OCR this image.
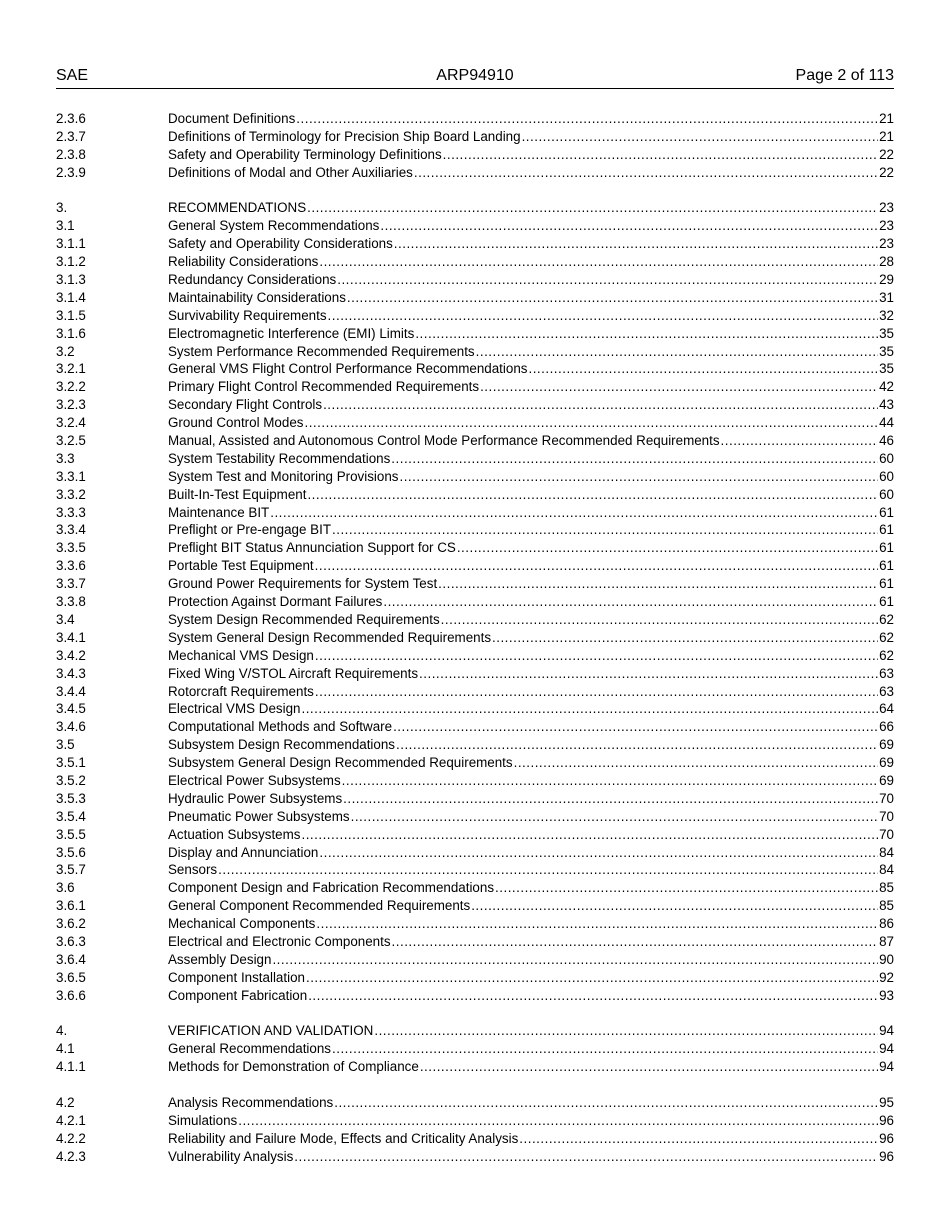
SAE	ARP94910	Page 2 of 113
2.3.6	Document Definitions .....	21
2.3.7	Definitions of Terminology for Precision Ship Board Landing .....	21
2.3.8	Safety and Operability Terminology Definitions .....	22
2.3.9	Definitions of Modal and Other Auxiliaries .....	22
3.	RECOMMENDATIONS .....	23
3.1	General System Recommendations .....	23
3.1.1	Safety and Operability Considerations .....	23
3.1.2	Reliability Considerations .....	28
3.1.3	Redundancy Considerations .....	29
3.1.4	Maintainability Considerations .....	31
3.1.5	Survivability Requirements .....	32
3.1.6	Electromagnetic Interference (EMI) Limits .....	35
3.2	System Performance Recommended Requirements .....	35
3.2.1	General VMS Flight Control Performance Recommendations .....	35
3.2.2	Primary Flight Control Recommended Requirements .....	42
3.2.3	Secondary Flight Controls .....	43
3.2.4	Ground Control Modes .....	44
3.2.5	Manual, Assisted and Autonomous Control Mode Performance Recommended Requirements .....	46
3.3	System Testability Recommendations .....	60
3.3.1	System Test and Monitoring Provisions .....	60
3.3.2	Built-In-Test Equipment .....	60
3.3.3	Maintenance BIT .....	61
3.3.4	Preflight or Pre-engage BIT .....	61
3.3.5	Preflight BIT Status Annunciation Support for CS .....	61
3.3.6	Portable Test Equipment .....	61
3.3.7	Ground Power Requirements for System Test .....	61
3.3.8	Protection Against Dormant Failures .....	61
3.4	System Design Recommended Requirements .....	62
3.4.1	System General Design Recommended Requirements .....	62
3.4.2	Mechanical VMS Design .....	62
3.4.3	Fixed Wing V/STOL Aircraft Requirements .....	63
3.4.4	Rotorcraft Requirements .....	63
3.4.5	Electrical VMS Design .....	64
3.4.6	Computational Methods and Software .....	66
3.5	Subsystem Design Recommendations .....	69
3.5.1	Subsystem General Design Recommended Requirements .....	69
3.5.2	Electrical Power Subsystems .....	69
3.5.3	Hydraulic Power Subsystems .....	70
3.5.4	Pneumatic Power Subsystems .....	70
3.5.5	Actuation Subsystems .....	70
3.5.6	Display and Annunciation .....	84
3.5.7	Sensors .....	84
3.6	Component Design and Fabrication Recommendations .....	85
3.6.1	General Component Recommended Requirements .....	85
3.6.2	Mechanical Components .....	86
3.6.3	Electrical and Electronic Components .....	87
3.6.4	Assembly Design .....	90
3.6.5	Component Installation .....	92
3.6.6	Component Fabrication .....	93
4.	VERIFICATION AND VALIDATION .....	94
4.1	General Recommendations .....	94
4.1.1	Methods for Demonstration of Compliance .....	94
4.2	Analysis Recommendations .....	95
4.2.1	Simulations .....	96
4.2.2	Reliability and Failure Mode, Effects and Criticality Analysis .....	96
4.2.3	Vulnerability Analysis .....	96
